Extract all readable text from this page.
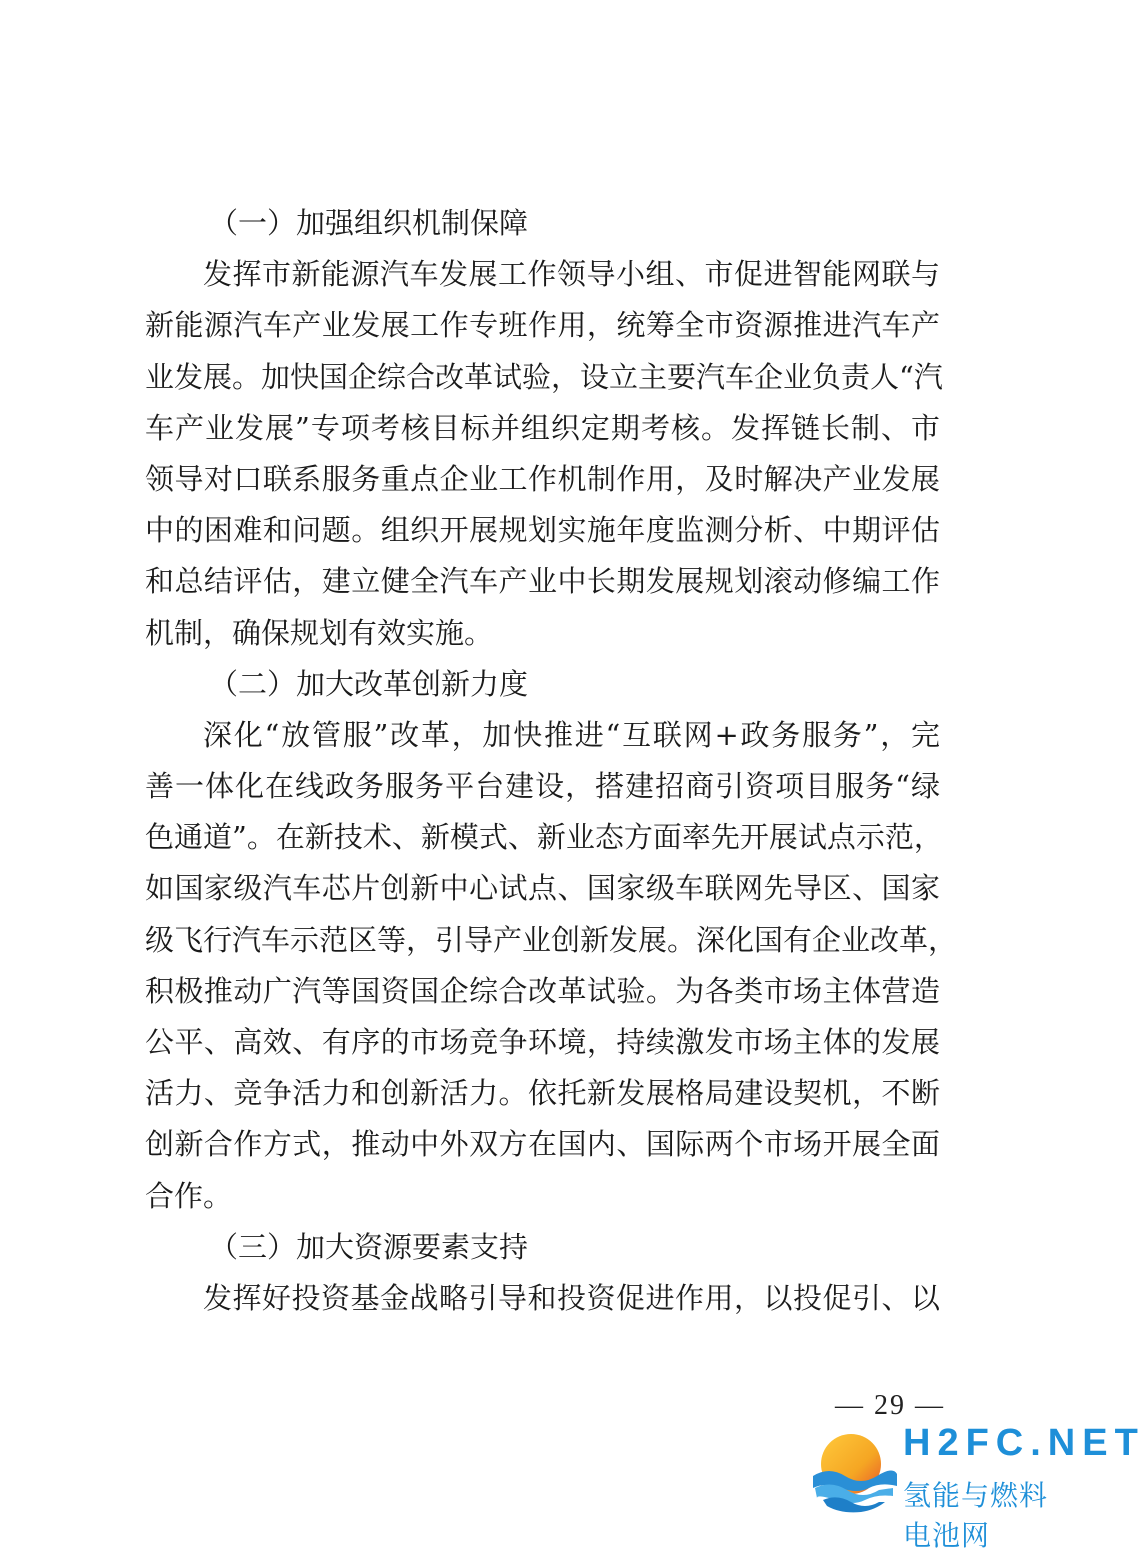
（一）加强组织机制保障
发挥市新能源汽车发展工作领导小组、市促进智能网联与
新能源汽车产业发展工作专班作用，统筹全市资源推进汽车产
业发展。加快国企综合改革试验，设立主要汽车企业负责人“汽
车产业发展”专项考核目标并组织定期考核。发挥链长制、市
领导对口联系服务重点企业工作机制作用，及时解决产业发展
中的困难和问题。组织开展规划实施年度监测分析、中期评估
和总结评估，建立健全汽车产业中长期发展规划滚动修编工作
机制，确保规划有效实施。
（二）加大改革创新力度
深化“放管服”改革，加快推进“互联网+政务服务”，完
善一体化在线政务服务平台建设，搭建招商引资项目服务“绿
色通道”。在新技术、新模式、新业态方面率先开展试点示范，
如国家级汽车芯片创新中心试点、国家级车联网先导区、国家
级飞行汽车示范区等，引导产业创新发展。深化国有企业改革，
积极推动广汽等国资国企综合改革试验。为各类市场主体营造
公平、高效、有序的市场竞争环境，持续激发市场主体的发展
活力、竞争活力和创新活力。依托新发展格局建设契机，不断
创新合作方式，推动中外双方在国内、国际两个市场开展全面
合作。
（三）加大资源要素支持
发挥好投资基金战略引导和投资促进作用，以投促引、以
— 29 —
H2FC.NET
氢能与燃料电池网
